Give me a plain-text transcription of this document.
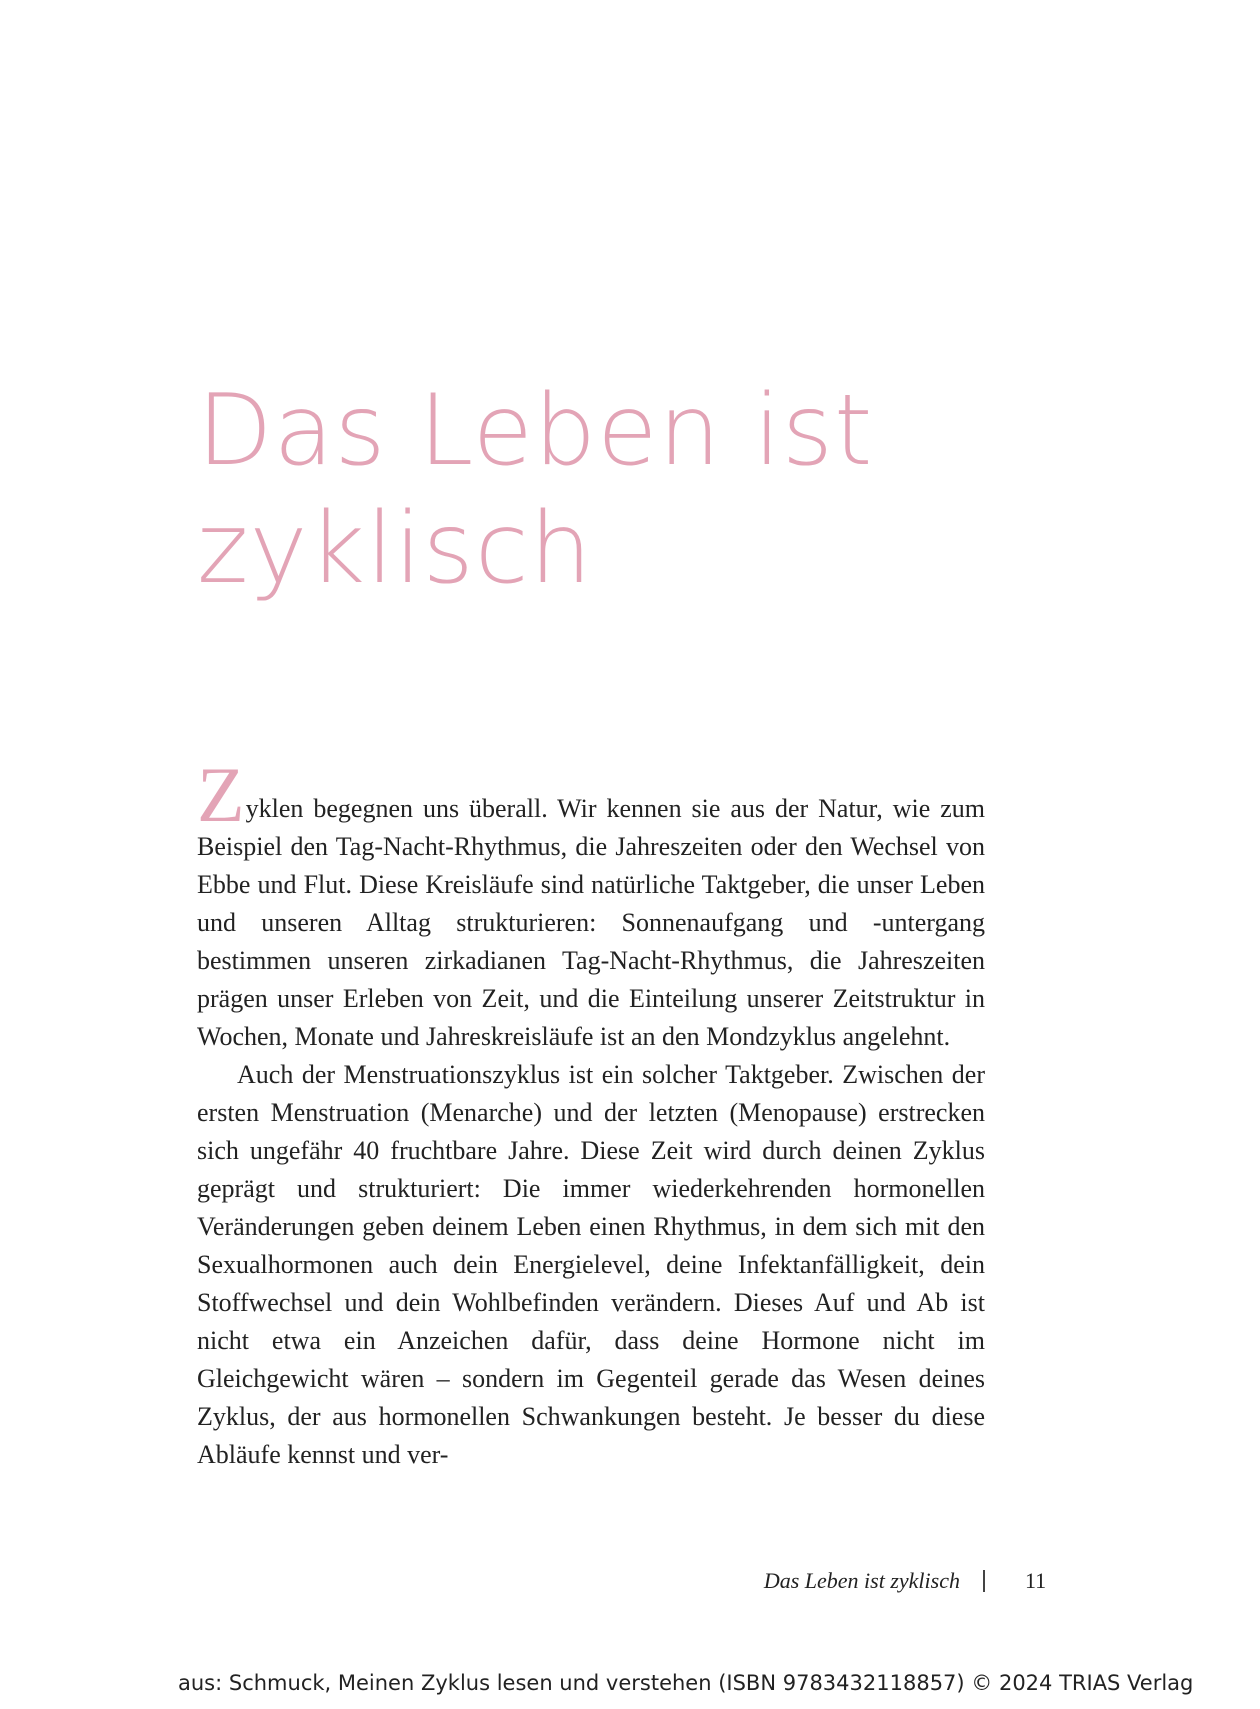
Das Leben ist
zyklisch

Zyklen begegnen uns überall. Wir kennen sie aus der Natur, wie zum Beispiel den Tag-Nacht-Rhythmus, die Jahreszeiten oder den Wechsel von Ebbe und Flut. Diese Kreisläufe sind natürliche Taktgeber, die unser Leben und unseren Alltag strukturieren: Sonnenaufgang und -untergang bestimmen unseren zirkadianen Tag-Nacht-Rhythmus, die Jahreszeiten prägen unser Erleben von Zeit, und die Einteilung unserer Zeitstruktur in Wochen, Monate und Jahreskreisläufe ist an den Mondzyklus angelehnt.

Auch der Menstruationszyklus ist ein solcher Taktgeber. Zwischen der ersten Menstruation (Menarche) und der letzten (Menopause) erstrecken sich ungefähr 40 fruchtbare Jahre. Diese Zeit wird durch deinen Zyklus geprägt und strukturiert: Die immer wiederkehrenden hormonellen Veränderungen geben deinem Leben einen Rhythmus, in dem sich mit den Sexualhormonen auch dein Energielevel, deine Infektanfälligkeit, dein Stoffwechsel und dein Wohlbefinden verändern. Dieses Auf und Ab ist nicht etwa ein Anzeichen dafür, dass deine Hormone nicht im Gleichgewicht wären – sondern im Gegenteil gerade das Wesen deines Zyklus, der aus hormonellen Schwankungen besteht. Je besser du diese Abläufe kennst und ver-

Das Leben ist zyklisch	11
aus: Schmuck, Meinen Zyklus lesen und verstehen (ISBN 9783432118857) © 2024 TRIAS Verlag
